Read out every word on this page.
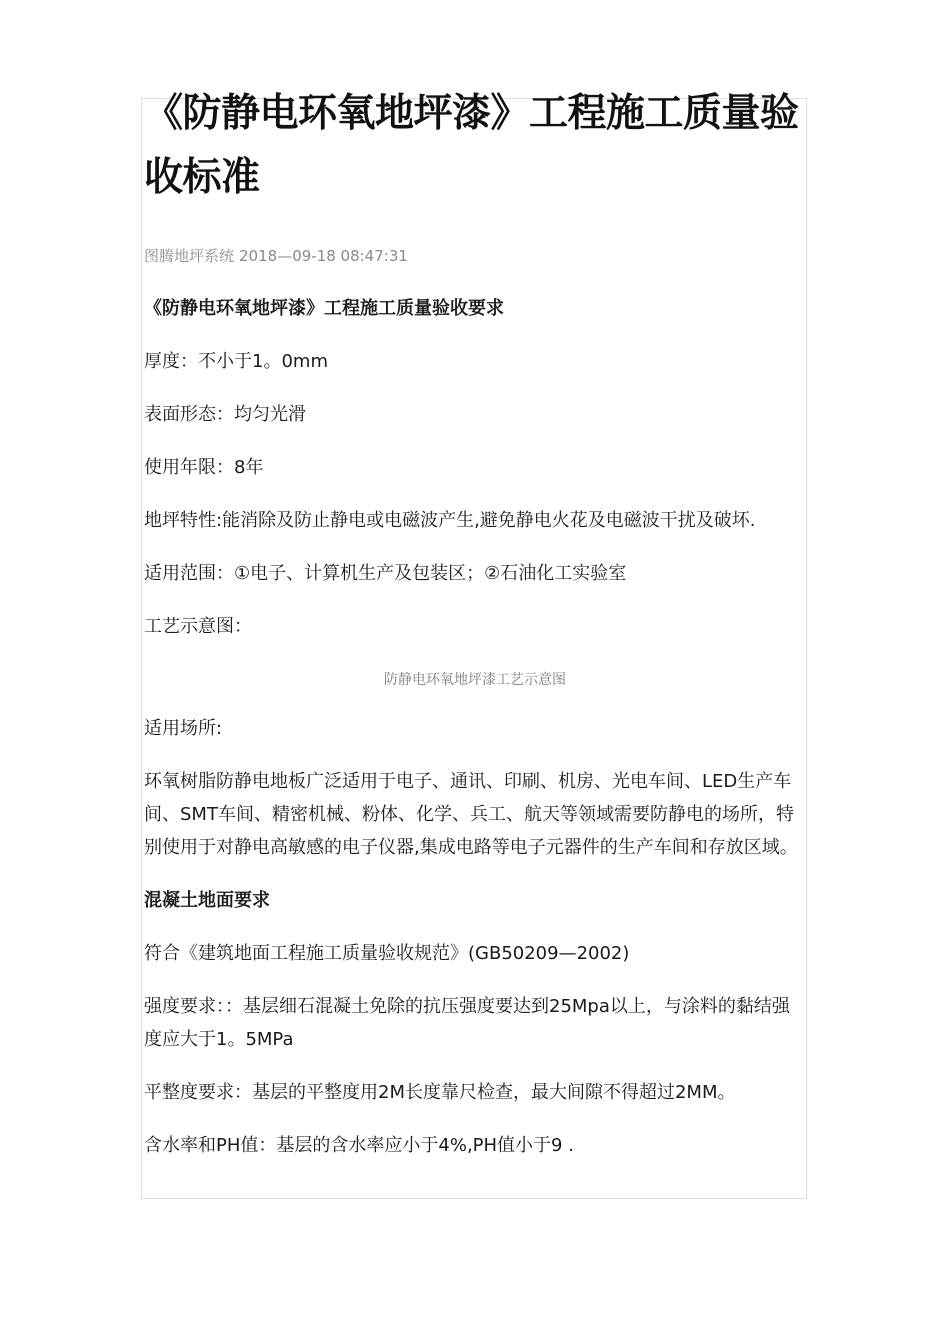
《防静电环氧地坪漆》工程施工质量验收标准
图腾地坪系统 2018—09-18 08:47:31

《防静电环氧地坪漆》工程施工质量验收要求

厚度：不小于1。0mm

表面形态：均匀光滑

使用年限：8年

地坪特性:能消除及防止静电或电磁波产生,避免静电火花及电磁波干扰及破坏.

适用范围：①电子、计算机生产及包装区；②石油化工实验室

工艺示意图：

防静电环氧地坪漆工艺示意图

适用场所:

环氧树脂防静电地板广泛适用于电子、通讯、印刷、机房、光电车间、LED生产车间、SMT车间、精密机械、粉体、化学、兵工、航天等领域需要防静电的场所，特别使用于对静电高敏感的电子仪器,集成电路等电子元器件的生产车间和存放区域。

混凝土地面要求

符合《建筑地面工程施工质量验收规范》(GB50209—2002)

强度要求：：基层细石混凝土免除的抗压强度要达到25Mpa以上，与涂料的黏结强度应大于1。5MPa

平整度要求：基层的平整度用2M长度靠尺检查，最大间隙不得超过2MM。

含水率和PH值：基层的含水率应小于4%,PH值小于9 .
